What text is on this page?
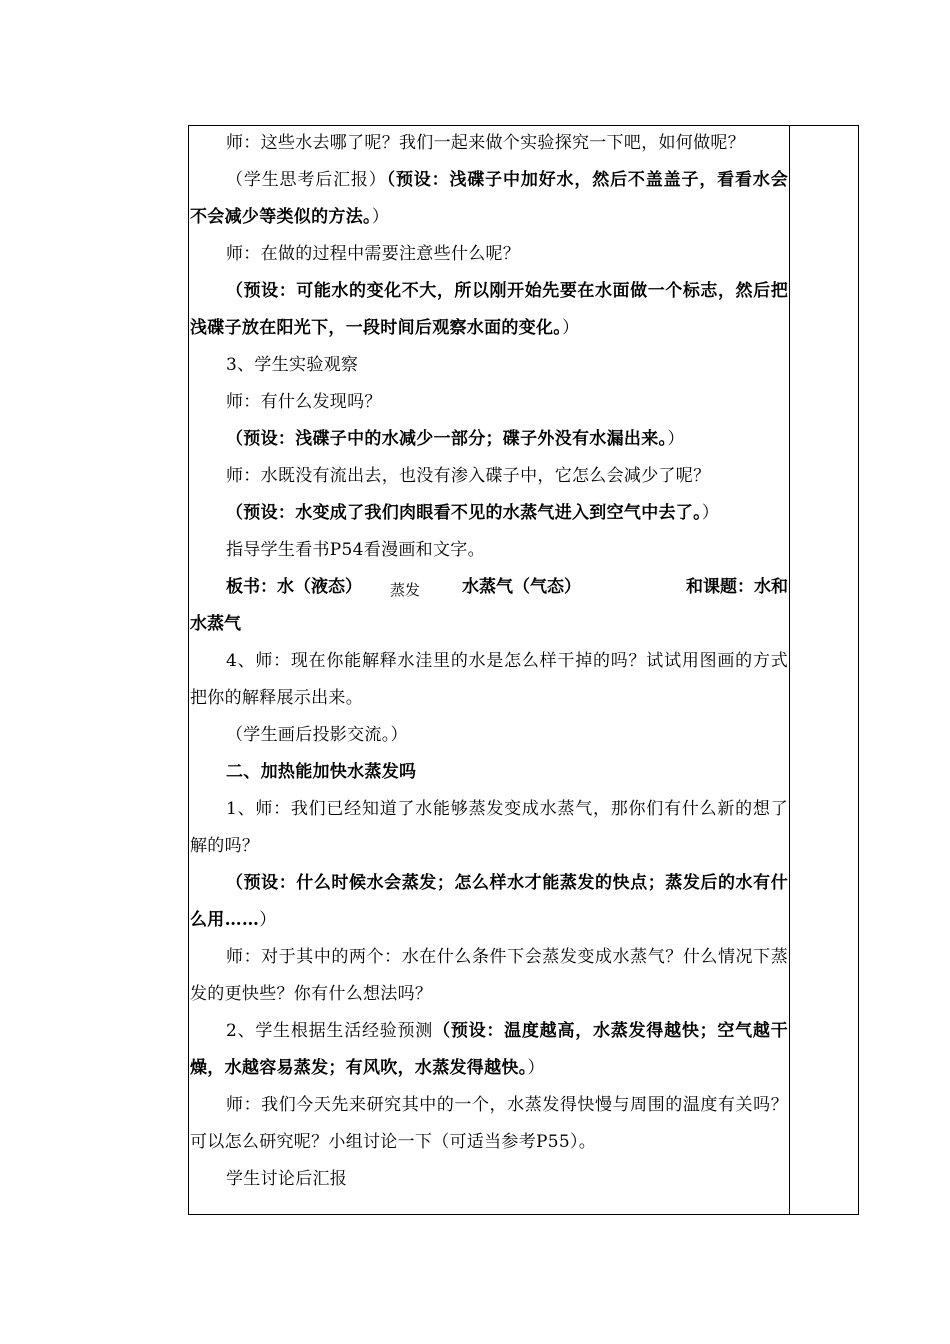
师：这些水去哪了呢？我们一起来做个实验探究一下吧，如何做呢？

（学生思考后汇报）（预设：浅碟子中加好水，然后不盖盖子，看看水会不会减少等类似的方法。）

师：在做的过程中需要注意些什么呢？

（预设：可能水的变化不大，所以刚开始先要在水面做一个标志，然后把浅碟子放在阳光下，一段时间后观察水面的变化。）

3、学生实验观察

师：有什么发现吗？

（预设：浅碟子中的水减少一部分；碟子外没有水漏出来。）

师：水既没有流出去，也没有渗入碟子中，它怎么会减少了呢？

（预设：水变成了我们肉眼看不见的水蒸气进入到空气中去了。）

指导学生看书P54看漫画和文字。

板书：水（液态） 蒸发 水蒸气（气态）	和课题：水和
水蒸气

4、师：现在你能解释水洼里的水是怎么样干掉的吗？试试用图画的方式把你的解释展示出来。

（学生画后投影交流。）

二、加热能加快水蒸发吗

1、师：我们已经知道了水能够蒸发变成水蒸气，那你们有什么新的想了解的吗？

（预设：什么时候水会蒸发；怎么样水才能蒸发的快点；蒸发后的水有什么用……）

师：对于其中的两个：水在什么条件下会蒸发变成水蒸气？什么情况下蒸发的更快些？你有什么想法吗？

2、学生根据生活经验预测（预设：温度越高，水蒸发得越快；空气越干燥，水越容易蒸发；有风吹，水蒸发得越快。）

师：我们今天先来研究其中的一个，水蒸发得快慢与周围的温度有关吗？可以怎么研究呢？小组讨论一下（可适当参考P55）。

学生讨论后汇报
